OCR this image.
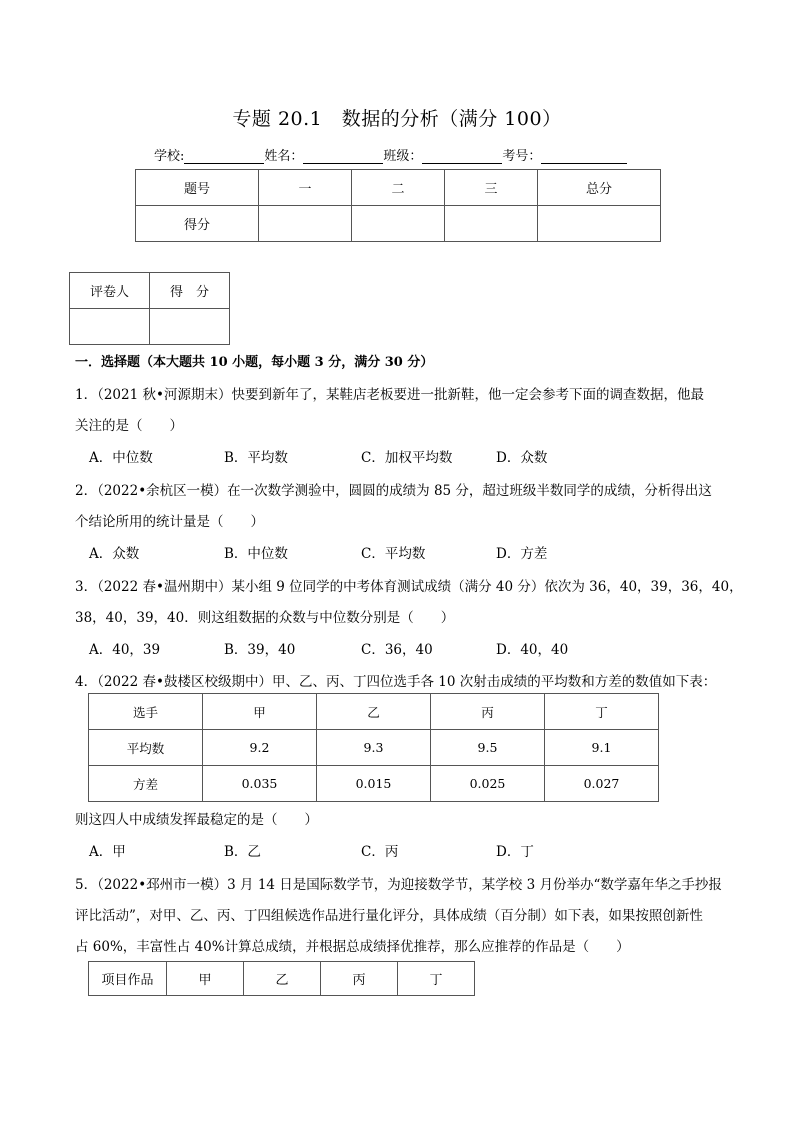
专题 20.1　数据的分析（满分 100）
学校:	姓名：	班级：	考号：
题号	一	二	三	总分
得分				
评卷人	得　分

一．选择题（本大题共 10 小题，每小题 3 分，满分 30 分）
1．（2021 秋•河源期末）快要到新年了，某鞋店老板要进一批新鞋，他一定会参考下面的调查数据，他最
关注的是（　　）
A．中位数	B．平均数	C．加权平均数	D．众数
2．（2022•余杭区一模）在一次数学测验中，圆圆的成绩为 85 分，超过班级半数同学的成绩，分析得出这
个结论所用的统计量是（　　）
A．众数	B．中位数	C．平均数	D．方差
3．（2022 春•温州期中）某小组 9 位同学的中考体育测试成绩（满分 40 分）依次为 36，40，39，36，40，
38，40，39，40．则这组数据的众数与中位数分别是（　　）
A．40，39	B．39，40	C．36，40	D．40，40
4．（2022 春•鼓楼区校级期中）甲、乙、丙、丁四位选手各 10 次射击成绩的平均数和方差的数值如下表：
选手	甲	乙	丙	丁
平均数	9.2	9.3	9.5	9.1
方差	0.035	0.015	0.025	0.027
则这四人中成绩发挥最稳定的是（　　）
A．甲	B．乙	C．丙	D．丁
5．（2022•邳州市一模）3 月 14 日是国际数学节，为迎接数学节，某学校 3 月份举办“数学嘉年华之手抄报
评比活动”，对甲、乙、丙、丁四组候选作品进行量化评分，具体成绩（百分制）如下表，如果按照创新性
占 60%，丰富性占 40%计算总成绩，并根据总成绩择优推荐，那么应推荐的作品是（　　）
项目作品	甲	乙	丙	丁
